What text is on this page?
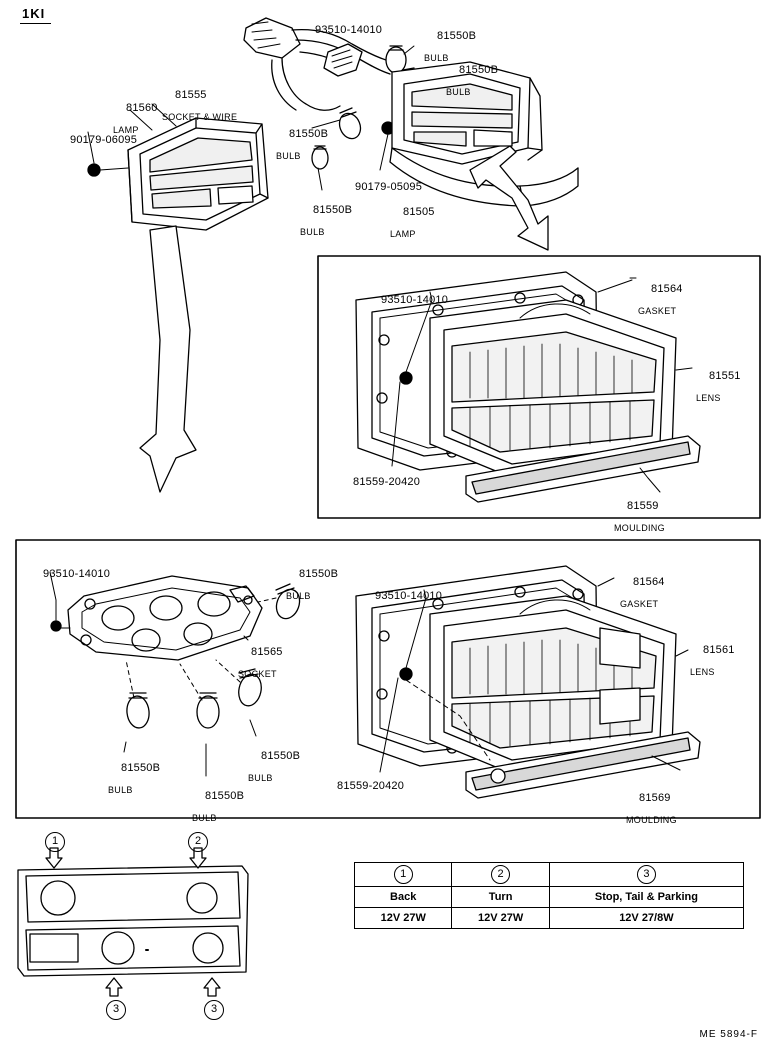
1KI

93510-14010
	81550B

BULB

81550B

BULB

81555

SOCKET & WIRE

81560

LAMP

90179-06095
	81550B

BULB

90179-05095

81550B

BULB

81505

LAMP

93510-14010

81564

GASKET

81551

LENS

81559-20420

81559

MOULDING

93510-14010
	81550B

BULB

81565

SOCKET

81550B

BULB

	81550B

BULB

81550B

BULB

93510-14010

81564

GASKET

81561

LENS

81559-20420

81569

MOULDING

1	2
3	3
1	2	3
Back	Turn	Stop, Tail & Parking
12V 27W	12V 27W	12V 27/8W
ME 5894-F
